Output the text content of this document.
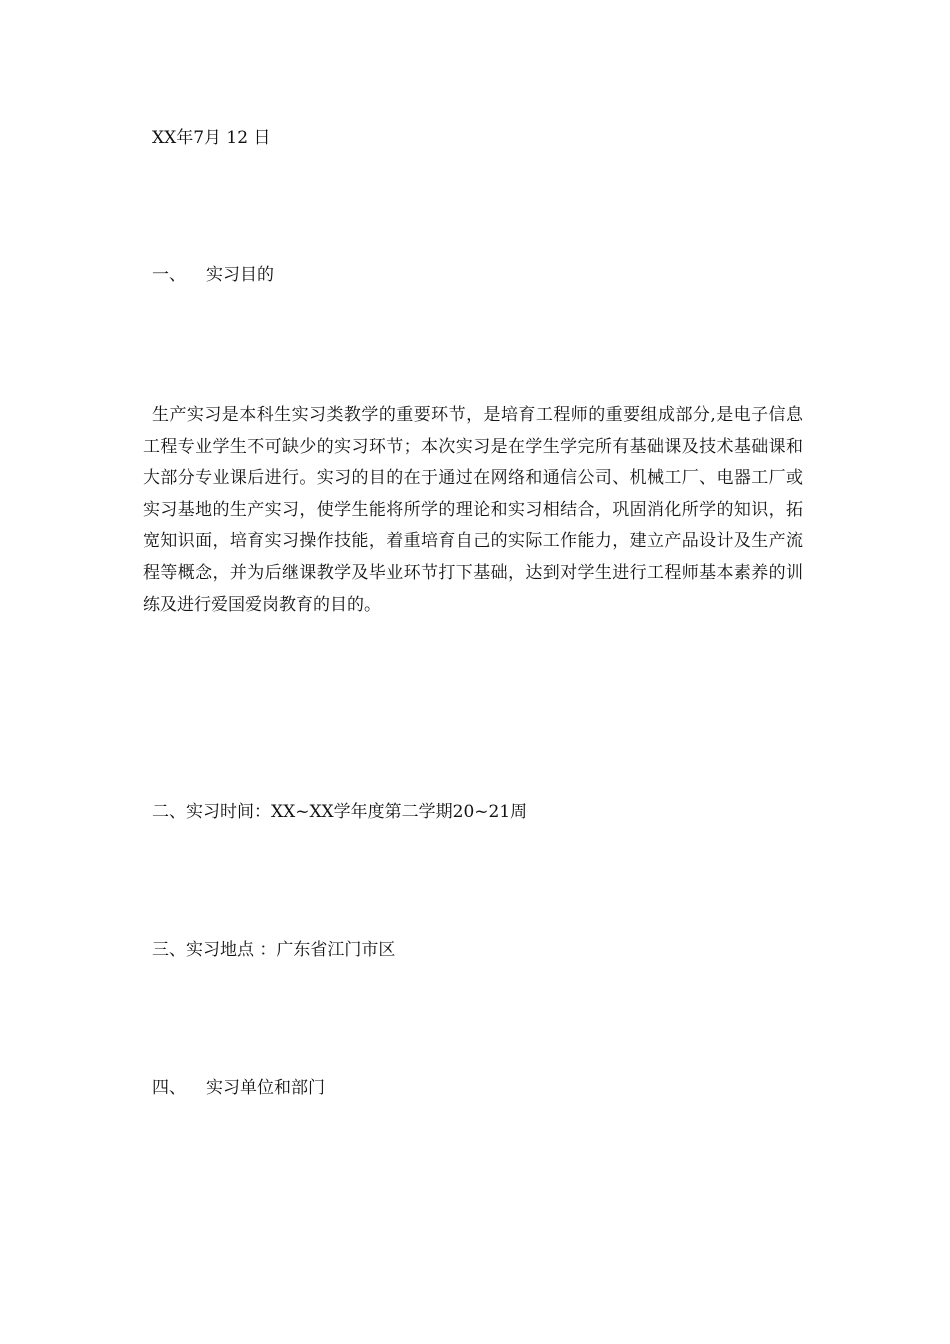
XX年7月 12 日
一、 实习目的
生产实习是本科生实习类教学的重要环节，是培育工程师的重要组成部分,是电子信息工程专业学生不可缺少的实习环节；本次实习是在学生学完所有基础课及技术基础课和大部分专业课后进行。实习的目的在于通过在网络和通信公司、机械工厂、电器工厂或实习基地的生产实习，使学生能将所学的理论和实习相结合，巩固消化所学的知识，拓宽知识面，培育实习操作技能，着重培育自己的实际工作能力，建立产品设计及生产流程等概念，并为后继课教学及毕业环节打下基础，达到对学生进行工程师基本素养的训练及进行爱国爱岗教育的目的。
二、实习时间：XX~XX学年度第二学期20~21周
三、实习地点 ：广东省江门市区
四、 实习单位和部门
